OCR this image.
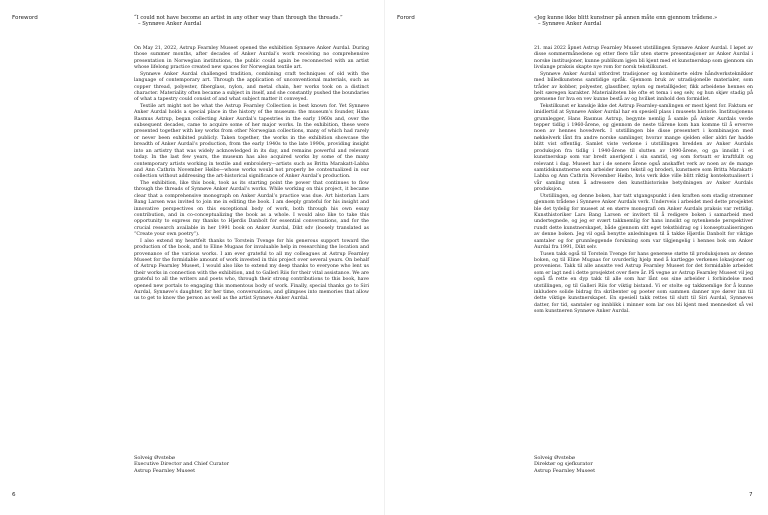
Foreword	“I could not have become an artist in any other way than through the threads.”

– Synnøve Anker Aurdal

On May 21, 2022, Astrup Fearnley Museet opened the exhibition Synnøve Anker Aurdal. During those summer months, after decades of Anker Aurdal’s work receiving no comprehensive presentation in Norwegian institutions, the public could again be reconnected with an artist whose lifelong practice created new spaces for Norwegian textile art.

Synnøve Anker Aurdal challenged tradition, combining craft techniques of old with the language of contemporary art. Through the application of unconventional materials, such as copper thread, polyester, fiberglass, nylon, and metal chain, her works took on a distinct character. Materiality often became a subject in itself, and she constantly pushed the boundaries of what a tapestry could consist of and what subject matter it conveyed.

Textile art might not be what the Astrup Fearnley Collection is best known for. Yet Synnøve Anker Aurdal holds a special place in the history of the museum: the museum’s founder, Hans Rasmus Astrup, began collecting Anker Aurdal’s tapestries in the early 1960s and, over the subsequent decades, came to acquire some of her major works. In the exhibition, these were presented together with key works from other Norwegian collections, many of which had rarely or never been exhibited publicly. Taken together, the works in the exhibition showcase the breadth of Anker Aurdal’s production, from the early 1940s to the late 1990s, providing insight into an artistry that was widely acknowledged in its day, and remains powerful and relevant today. In the last few years, the museum has also acquired works by some of the many contemporary artists working in textile and embroidery—artists such as Britta Marakatt-Labba and Ann Cathrin November Høibo—whose works would not properly be contextualized in our collection without addressing the art-historical significance of Anker Aurdal’s production.

The exhibition, like this book, took as its starting point the power that continues to flow through the threads of Synnøve Anker Aurdal’s works. While working on this project, it became clear that a comprehensive monograph on Anker Aurdal’s practice was due. Art historian Lars Bang Larsen was invited to join me in editing the book. I am deeply grateful for his insight and innovative perspectives on this exceptional body of work, both through his own essay contribution, and in co-conceptualizing the book as a whole. I would also like to take this opportunity to express my thanks to Hjørdis Danbolt for essential conversations, and for the crucial research available in her 1991 book on Anker Aurdal, Dikt sdv (loosely translated as “Create your own poetry”).

I also extend my heartfelt thanks to Torstein Tvenge for his generous support toward the production of the book, and to Eline Mugaas for invaluable help in researching the location and provenance of the various works. I am ever grateful to all my colleagues at Astrup Fearnley Museet for the formidable amount of work invested in this project over several years. On behalf of Astrup Fearnley Museet, I would also like to extend my deep thanks to everyone who lent us their works in connection with the exhibition, and to Galleri Riis for their vital assistance. We are grateful to all the writers and poets who, through their strong contributions to this book, have opened new portals to engaging this momentous body of work. Finally, special thanks go to Siri Aurdal, Synnøve’s daughter, for her time, conversations, and glimpses into memories that allow us to get to know the person as well as the artist Synnøve Anker Aurdal.

Solveig Øvstebø
Executive Director and Chief Curator
Astrup Fearnley Museet
6
Forord	«Jeg kunne ikke blitt kunstner på annen måte enn gjennom trådene.»

– Synnøve Anker Aurdal

21. mai 2022 åpnet Astrup Fearnley Museet utstillingen Synnøve Anker Aurdal. I løpet av disse sommermånedene og etter flere tiår uten større presentasjoner av Anker Aurdal i norske institusjoner, kunne publikum igjen bli kjent med et kunstnerskap som gjennom sin livslange praksis skapte nye rom for norsk tekstilkunst.

Synnøve Anker Aurdal utfordret tradisjoner og kombinerte eldre håndverksteknikker med billedkunstens samtidige språk. Gjennom bruk av utradisjonelle materialer, som tråder av kobber, polyester, glassfiber, nylon og metallkjeder, fikk arbeidene hennes en helt særegen karakter. Materialiteten ble ofte et tema i seg selv, og hun skjøv stadig på grensene for hva en vev kunne bestå av og hvilket innhold den formidlet.

Tekstilkunst er kanskje ikke det Astrup Fearnley-samlingen er mest kjent for. Faktum er imidlertid at Synnøve Anker Aurdal har en spesiell plass i museets historie. Institusjonens grunnlegger, Hans Rasmus Astrup, begynte nemlig å samle på Anker Aurdals vevde tepper tidlig i 1960-årene, og gjennom de neste tiårene kom han komme til å erverve noen av hennes hovedverk. I utstillingen ble disse presentert i kombinasjon med nøkkelverk lånt fra andre norske samlinger, hvorav mange sjelden eller aldri før hadde blitt vist offentlig. Samlet viste verkene i utstillingen bredden av Anker Aurdals produksjon fra tidlig i 1940-årene til slutten av 1990-årene, og ga innsikt i et kunstnerskap som var bredt anerkjent i sin samtid, og som fortsatt er kraftfullt og relevant i dag. Museet har i de senere årene også anskaffet verk av noen av de mange samtidskunstnerne som arbeider innen tekstil og broderi, kunstnere som Britta Marakatt-Labba og Ann Cathrin November Høibo, hvis verk ikke ville blitt riktig kontekstualisert i vår samling uten å adressere den kunsthistoriske betydningen av Anker Aurdals produksjon.

Utstillingen, og denne boken, har tatt utgangspunkt i den kraften som stadig strømmer gjennom trådene i Synnøve Anker Aurdals verk. Underveis i arbeidet med dette prosjektet ble det tydelig for museet at en større monografi om Anker Aurdals praksis var rettidig. Kunsthistoriker Lars Bang Larsen er invitert til å redigere boken i samarbeid med undertegnede, og jeg er svært takknemlig for hans innsikt og nytenkende perspektiver rundt dette kunstnerskapet, både gjennom sitt eget tekstbidrag og i konseptualiseringen av denne boken. Jeg vil også benytte anledningen til å takke Hjørdis Danbolt for viktige samtaler og for grunnleggende forskning som var tilgjengelig i hennes bok om Anker Aurdal fra 1991, Dikt selv.

Tusen takk også til Torstein Tvenge for hans generøse støtte til produksjonen av denne boken, og til Eline Mugaas for uvurderlig hjelp med å kartlegge verkenes lokasjoner og proveniens. Takk til alle ansatte ved Astrup Fearnley Museet for det formidable arbeidet som er lagt ned i dette prosjektet over flere år. På vegne av Astrup Fearnley Museet vil jeg også få rette en dyp takk til alle som har lånt oss sine arbeider i forbindelse med utstillingen, og til Galleri Riis for viktig bistand. Vi er stolte og takknemlige for å kunne inkludere solide bidrag fra skribenter og poeter som sammen danner nye dører inn til dette viktige kunstnerskapet. En spesiell takk rettes til slutt til Siri Aurdal, Synnøves datter, for tid, samtaler og innblikk i minner som lar oss bli kjent med mennesket så vel som kunstneren Synnøve Anker Aurdal.

Solveig Øvstebø
Direktør og sjefkurator
Astrup Fearnley Museet
7
